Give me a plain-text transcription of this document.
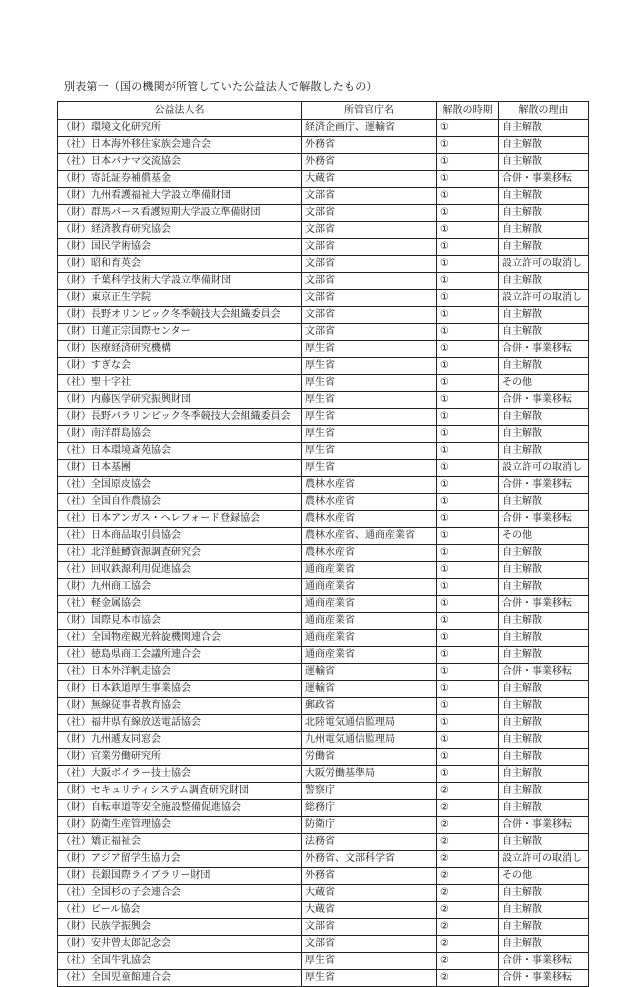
別表第一（国の機関が所管していた公益法人で解散したもの）
公益法人名	所管官庁名	解散の時期	解散の理由
（財）環境文化研究所	経済企画庁、運輸省	①	自主解散
（社）日本海外移住家族会連合会	外務省	①	自主解散
（社）日本パナマ交流協会	外務省	①	自主解散
（財）寄託証券補償基金	大蔵省	①	合併・事業移転
（財）九州看護福祉大学設立準備財団	文部省	①	自主解散
（財）群馬パース看護短期大学設立準備財団	文部省	①	自主解散
（財）経済教育研究協会	文部省	①	自主解散
（財）国民学術協会	文部省	①	自主解散
（財）昭和育英会	文部省	①	設立許可の取消し
（財）千葉科学技術大学設立準備財団	文部省	①	自主解散
（財）東京正生学院	文部省	①	設立許可の取消し
（財）長野オリンピック冬季競技大会組織委員会	文部省	①	自主解散
（財）日蓮正宗国際センター	文部省	①	自主解散
（財）医療経済研究機構	厚生省	①	合併・事業移転
（財）すぎな会	厚生省	①	自主解散
（社）聖十字社	厚生省	①	その他
（財）内藤医学研究振興財団	厚生省	①	合併・事業移転
（財）長野パラリンピック冬季競技大会組織委員会	厚生省	①	自主解散
（財）南洋群島協会	厚生省	①	自主解散
（社）日本環境斎苑協会	厚生省	①	自主解散
（財）日本基團	厚生省	①	設立許可の取消し
（社）全国原皮協会	農林水産省	①	合併・事業移転
（社）全国自作農協会	農林水産省	①	自主解散
（社）日本アンガス・ヘレフォード登録協会	農林水産省	①	合併・事業移転
（社）日本商品取引員協会	農林水産省、通商産業省	①	その他
（社）北洋鮭鱒資源調査研究会	農林水産省	①	自主解散
（社）回収鉄源利用促進協会	通商産業省	①	自主解散
（財）九州商工協会	通商産業省	①	自主解散
（社）軽金属協会	通商産業省	①	合併・事業移転
（財）国際見本市協会	通商産業省	①	自主解散
（社）全国物産観光斡旋機関連合会	通商産業省	①	自主解散
（社）徳島県商工会議所連合会	通商産業省	①	自主解散
（社）日本外洋帆走協会	運輸省	①	合併・事業移転
（財）日本鉄道厚生事業協会	運輸省	①	自主解散
（財）無線従事者教育協会	郵政省	①	自主解散
（社）福井県有線放送電話協会	北陸電気通信監理局	①	自主解散
（財）九州遞友同窓会	九州電気通信監理局	①	自主解散
（財）官業労働研究所	労働省	①	自主解散
（社）大阪ボイラー技士協会	大阪労働基準局	①	自主解散
（財）セキュリティシステム調査研究財団	警察庁	②	自主解散
（財）自転車道等安全施設整備促進協会	総務庁	②	自主解散
（財）防衛生産管理協会	防衛庁	②	合併・事業移転
（社）矯正福祉会	法務省	②	自主解散
（財）アジア留学生協力会	外務省、文部科学省	②	設立許可の取消し
（財）長銀国際ライブラリー財団	外務省	②	その他
（社）全国杉の子会連合会	大蔵省	②	自主解散
（社）ビール協会	大蔵省	②	自主解散
（財）民族学振興会	文部省	②	自主解散
（財）安井曾太郎記念会	文部省	②	自主解散
（社）全国牛乳協会	厚生省	②	合併・事業移転
（社）全国児童館連合会	厚生省	②	合併・事業移転
